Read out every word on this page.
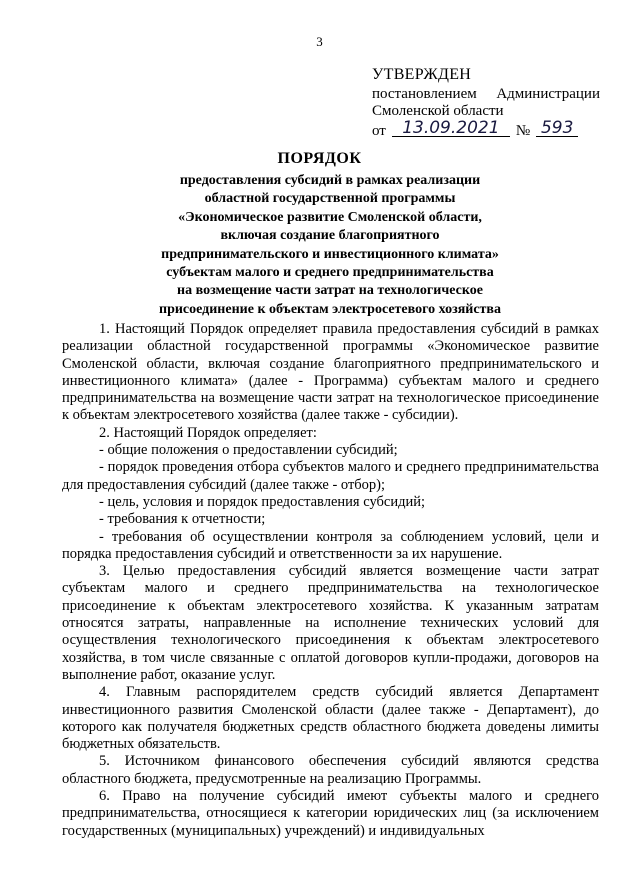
3
УТВЕРЖДЕН
постановлением Администрации
Смоленской области
от 13.09.2021	№ 593
ПОРЯДОК
предоставления субсидий в рамках реализации
областной государственной программы
«Экономическое развитие Смоленской области,
включая создание благоприятного
предпринимательского и инвестиционного климата»
субъектам малого и среднего предпринимательства
на возмещение части затрат на технологическое
присоединение к объектам электросетевого хозяйства

1. Настоящий Порядок определяет правила предоставления субсидий в рамках реализации областной государственной программы «Экономическое развитие Смоленской области, включая создание благоприятного предпринимательского и инвестиционного климата» (далее - Программа) субъектам малого и среднего предпринимательства на возмещение части затрат на технологическое присоединение к объектам электросетевого хозяйства (далее также - субсидии).

2. Настоящий Порядок определяет:

- общие положения о предоставлении субсидий;

- порядок проведения отбора субъектов малого и среднего предпринимательства для предоставления субсидий (далее также - отбор);

- цель, условия и порядок предоставления субсидий;

- требования к отчетности;

- требования об осуществлении контроля за соблюдением условий, цели и порядка предоставления субсидий и ответственности за их нарушение.

3. Целью предоставления субсидий является возмещение части затрат субъектам малого и среднего предпринимательства на технологическое присоединение к объектам электросетевого хозяйства. К указанным затратам относятся затраты, направленные на исполнение технических условий для осуществления технологического присоединения к объектам электросетевого хозяйства, в том числе связанные с оплатой договоров купли-продажи, договоров на выполнение работ, оказание услуг.

4. Главным распорядителем средств субсидий является Департамент инвестиционного развития Смоленской области (далее также - Департамент), до которого как получателя бюджетных средств областного бюджета доведены лимиты бюджетных обязательств.

5. Источником финансового обеспечения субсидий являются средства областного бюджета, предусмотренные на реализацию Программы.

6. Право на получение субсидий имеют субъекты малого и среднего предпринимательства, относящиеся к категории юридических лиц (за исключением государственных (муниципальных) учреждений) и индивидуальных
